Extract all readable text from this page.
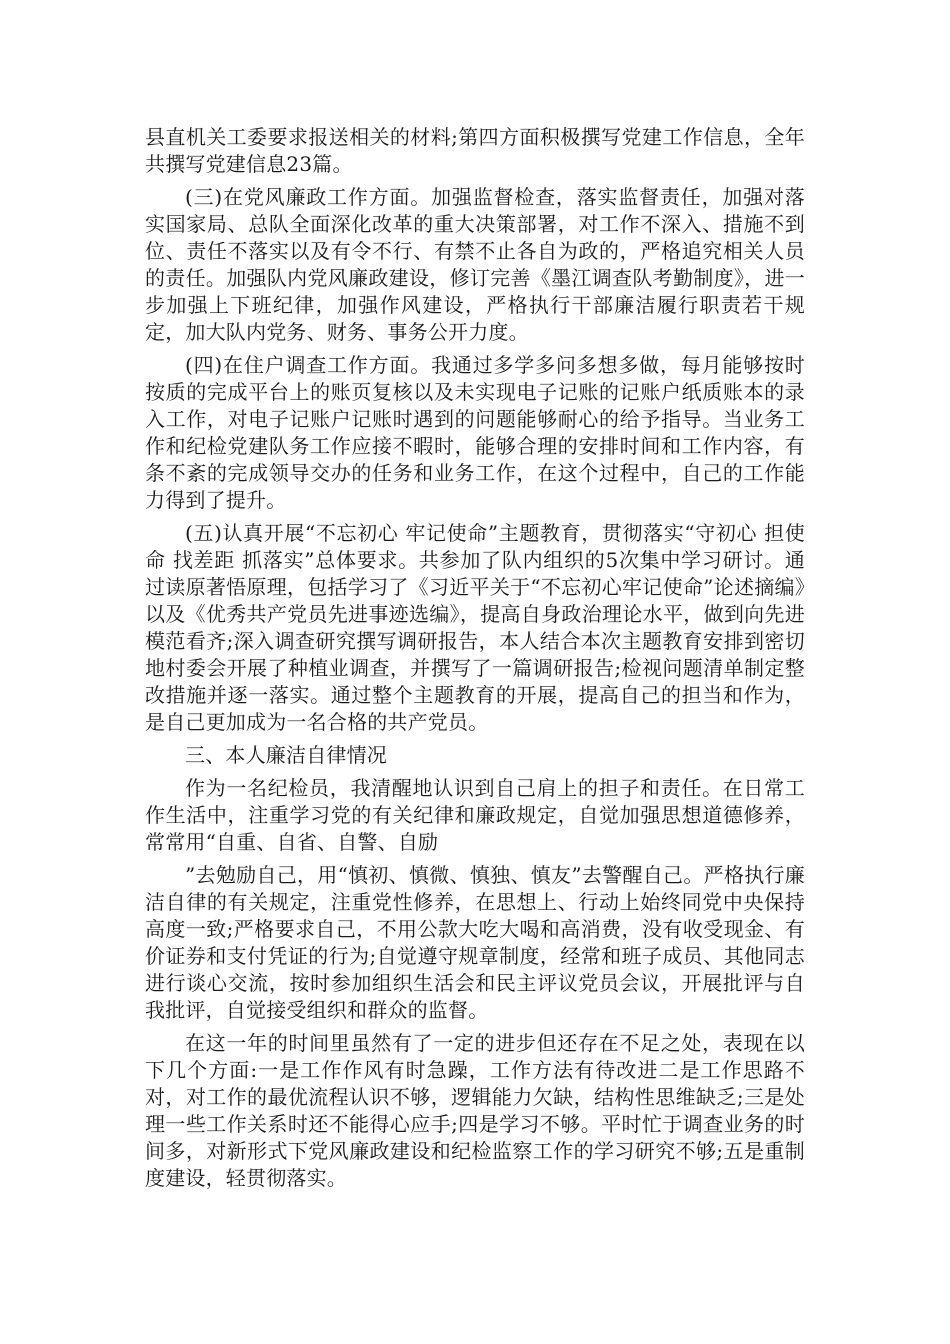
县直机关工委要求报送相关的材料;第四方面积极撰写党建工作信息，全年共撰写党建信息23篇。

(三)在党风廉政工作方面。加强监督检查，落实监督责任，加强对落实国家局、总队全面深化改革的重大决策部署，对工作不深入、措施不到位、责任不落实以及有令不行、有禁不止各自为政的，严格追究相关人员的责任。加强队内党风廉政建设，修订完善《墨江调查队考勤制度》，进一步加强上下班纪律，加强作风建设，严格执行干部廉洁履行职责若干规定，加大队内党务、财务、事务公开力度。

(四)在住户调查工作方面。我通过多学多问多想多做，每月能够按时按质的完成平台上的账页复核以及未实现电子记账的记账户纸质账本的录入工作，对电子记账户记账时遇到的问题能够耐心的给予指导。当业务工作和纪检党建队务工作应接不暇时，能够合理的安排时间和工作内容，有条不紊的完成领导交办的任务和业务工作，在这个过程中，自己的工作能力得到了提升。

(五)认真开展“不忘初心 牢记使命”主题教育，贯彻落实“守初心 担使命 找差距 抓落实”总体要求。共参加了队内组织的5次集中学习研讨。通过读原著悟原理，包括学习了《习近平关于“不忘初心牢记使命”论述摘编》以及《优秀共产党员先进事迹选编》，提高自身政治理论水平，做到向先进模范看齐;深入调查研究撰写调研报告，本人结合本次主题教育安排到密切地村委会开展了种植业调查，并撰写了一篇调研报告;检视问题清单制定整改措施并逐一落实。通过整个主题教育的开展，提高自己的担当和作为，是自己更加成为一名合格的共产党员。

三、本人廉洁自律情况

作为一名纪检员，我清醒地认识到自己肩上的担子和责任。在日常工作生活中，注重学习党的有关纪律和廉政规定，自觉加强思想道德修养，常常用“自重、自省、自警、自励

”去勉励自己，用“慎初、慎微、慎独、慎友”去警醒自己。严格执行廉洁自律的有关规定，注重党性修养，在思想上、行动上始终同党中央保持高度一致;严格要求自己，不用公款大吃大喝和高消费，没有收受现金、有价证券和支付凭证的行为;自觉遵守规章制度，经常和班子成员、其他同志进行谈心交流，按时参加组织生活会和民主评议党员会议，开展批评与自我批评，自觉接受组织和群众的监督。

在这一年的时间里虽然有了一定的进步但还存在不足之处，表现在以下几个方面:一是工作作风有时急躁，工作方法有待改进二是工作思路不对，对工作的最优流程认识不够，逻辑能力欠缺，结构性思维缺乏;三是处理一些工作关系时还不能得心应手;四是学习不够。平时忙于调查业务的时间多，对新形式下党风廉政建设和纪检监察工作的学习研究不够;五是重制度建设，轻贯彻落实。
